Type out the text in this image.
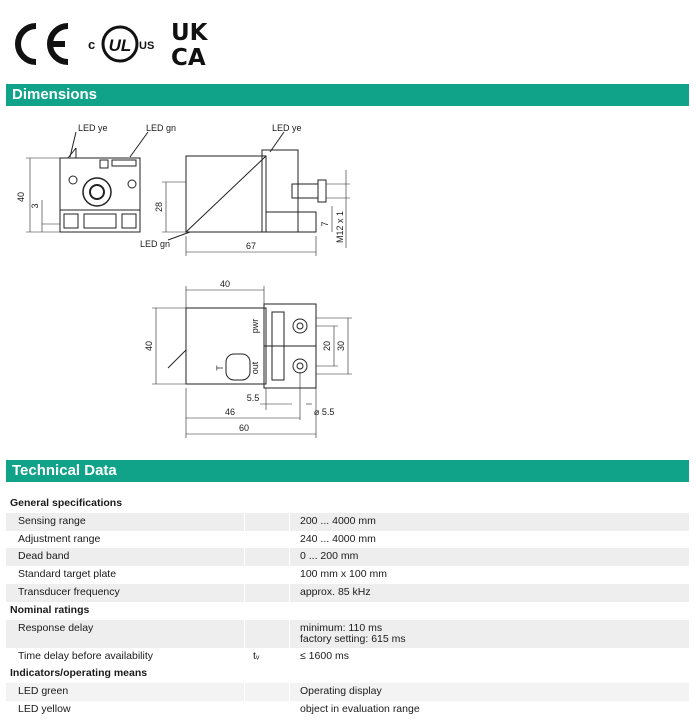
c UL US UK
CA
Dimensions
LED ye	LED gn	LED ye
LED gn
40
3	28
67
7 M12 x 1
40
40
pwr
out
T
20 30
5.5
46	⌀ 5.5
60
Technical Data
General specifications		
Sensing range		200 ... 4000 mm
Adjustment range		240 ... 4000 mm
Dead band		0 ... 200 mm
Standard target plate		100 mm x 100 mm
Transducer frequency		approx. 85 kHz
Nominal ratings		
Response delay		minimum: 110 ms
factory setting: 615 ms

Time delay before availability	tᵥ	≤ 1600 ms
Indicators/operating means		
LED green		Operating display
LED yellow		object in evaluation range
